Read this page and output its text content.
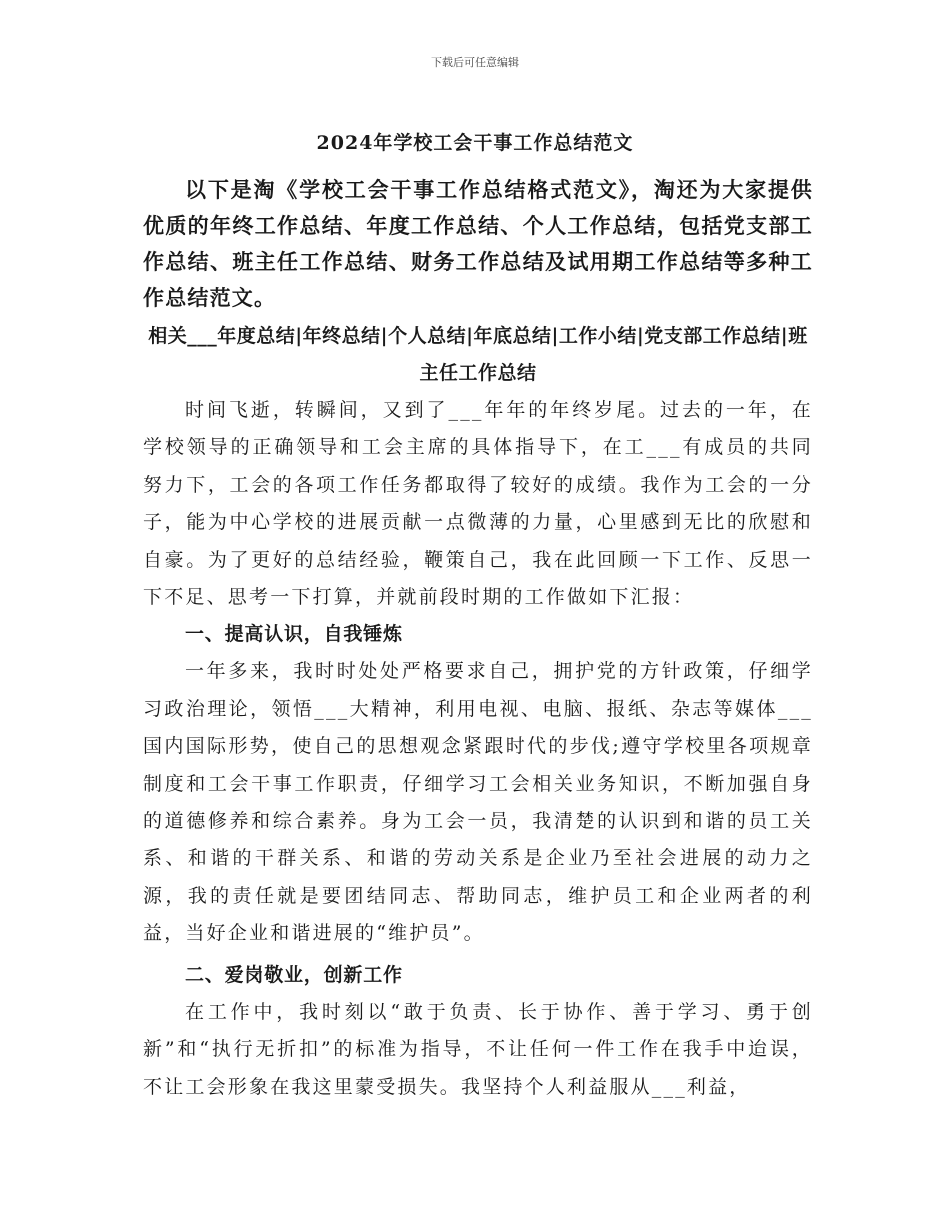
下载后可任意编辑
2024年学校工会干事工作总结范文

以下是淘《学校工会干事工作总结格式范文》，淘还为大家提供优质的年终工作总结、年度工作总结、个人工作总结，包括党支部工作总结、班主任工作总结、财务工作总结及试用期工作总结等多种工作总结范文。

相关___年度总结|年终总结|个人总结|年底总结|工作小结|党支部工作总结|班主任工作总结

时间飞逝，转瞬间，又到了___年年的年终岁尾。过去的一年，在学校领导的正确领导和工会主席的具体指导下，在工___有成员的共同努力下，工会的各项工作任务都取得了较好的成绩。我作为工会的一分子，能为中心学校的进展贡献一点微薄的力量，心里感到无比的欣慰和自豪。为了更好的总结经验，鞭策自己，我在此回顾一下工作、反思一下不足、思考一下打算，并就前段时期的工作做如下汇报：

一、提高认识，自我锤炼

一年多来，我时时处处严格要求自己，拥护党的方针政策，仔细学习政治理论，领悟___大精神，利用电视、电脑、报纸、杂志等媒体___国内国际形势，使自己的思想观念紧跟时代的步伐;遵守学校里各项规章制度和工会干事工作职责，仔细学习工会相关业务知识，不断加强自身的道德修养和综合素养。身为工会一员，我清楚的认识到和谐的员工关系、和谐的干群关系、和谐的劳动关系是企业乃至社会进展的动力之源，我的责任就是要团结同志、帮助同志，维护员工和企业两者的利益，当好企业和谐进展的“维护员”。

二、爱岗敬业，创新工作

在工作中，我时刻以“敢于负责、长于协作、善于学习、勇于创新”和“执行无折扣”的标准为指导，不让任何一件工作在我手中迨误，不让工会形象在我这里蒙受损失。我坚持个人利益服从___利益，
